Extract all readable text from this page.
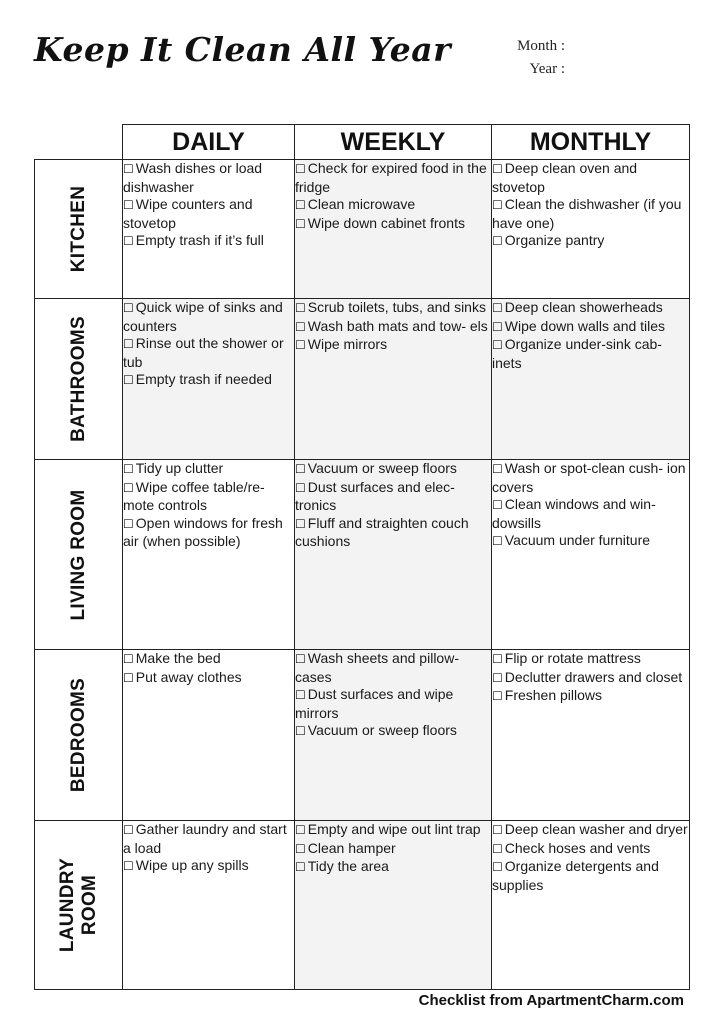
Keep It Clean All Year	Month :
Year :
	DAILY	WEEKLY	MONTHLY

KITCHEN	☐ Wash dishes or load dishwasher
☐ Wipe counters and stovetop
☐ Empty trash if it’s full	☐ Check for expired food in the fridge
☐ Clean microwave
☐ Wipe down cabinet fronts	☐ Deep clean oven and stovetop
☐ Clean the dishwasher (if you have one)
☐ Organize pantry

BATHROOMS	☐ Quick wipe of sinks and counters
☐ Rinse out the shower or tub
☐ Empty trash if needed	☐ Scrub toilets, tubs, and sinks
☐ Wash bath mats and tow- els
☐ Wipe mirrors	☐ Deep clean showerheads
☐ Wipe down walls and tiles
☐ Organize under-sink cab- inets

LIVING ROOM	☐ Tidy up clutter
☐ Wipe coffee table/re- mote controls
☐ Open windows for fresh air (when possible)	☐ Vacuum or sweep floors
☐ Dust surfaces and elec- tronics
☐ Fluff and straighten couch cushions	☐ Wash or spot-clean cush- ion covers
☐ Clean windows and win- dowsills
☐ Vacuum under furniture

BEDROOMS	☐ Make the bed
☐ Put away clothes	☐ Wash sheets and pillow- cases
☐ Dust surfaces and wipe mirrors
☐ Vacuum or sweep floors	☐ Flip or rotate mattress
☐ Declutter drawers and closet
☐ Freshen pillows

LAUNDRY ROOM	☐ Gather laundry and start a load
☐ Wipe up any spills	☐ Empty and wipe out lint trap
☐ Clean hamper
☐ Tidy the area	☐ Deep clean washer and dryer
☐ Check hoses and vents
☐ Organize detergents and supplies
Checklist from ApartmentCharm.com
